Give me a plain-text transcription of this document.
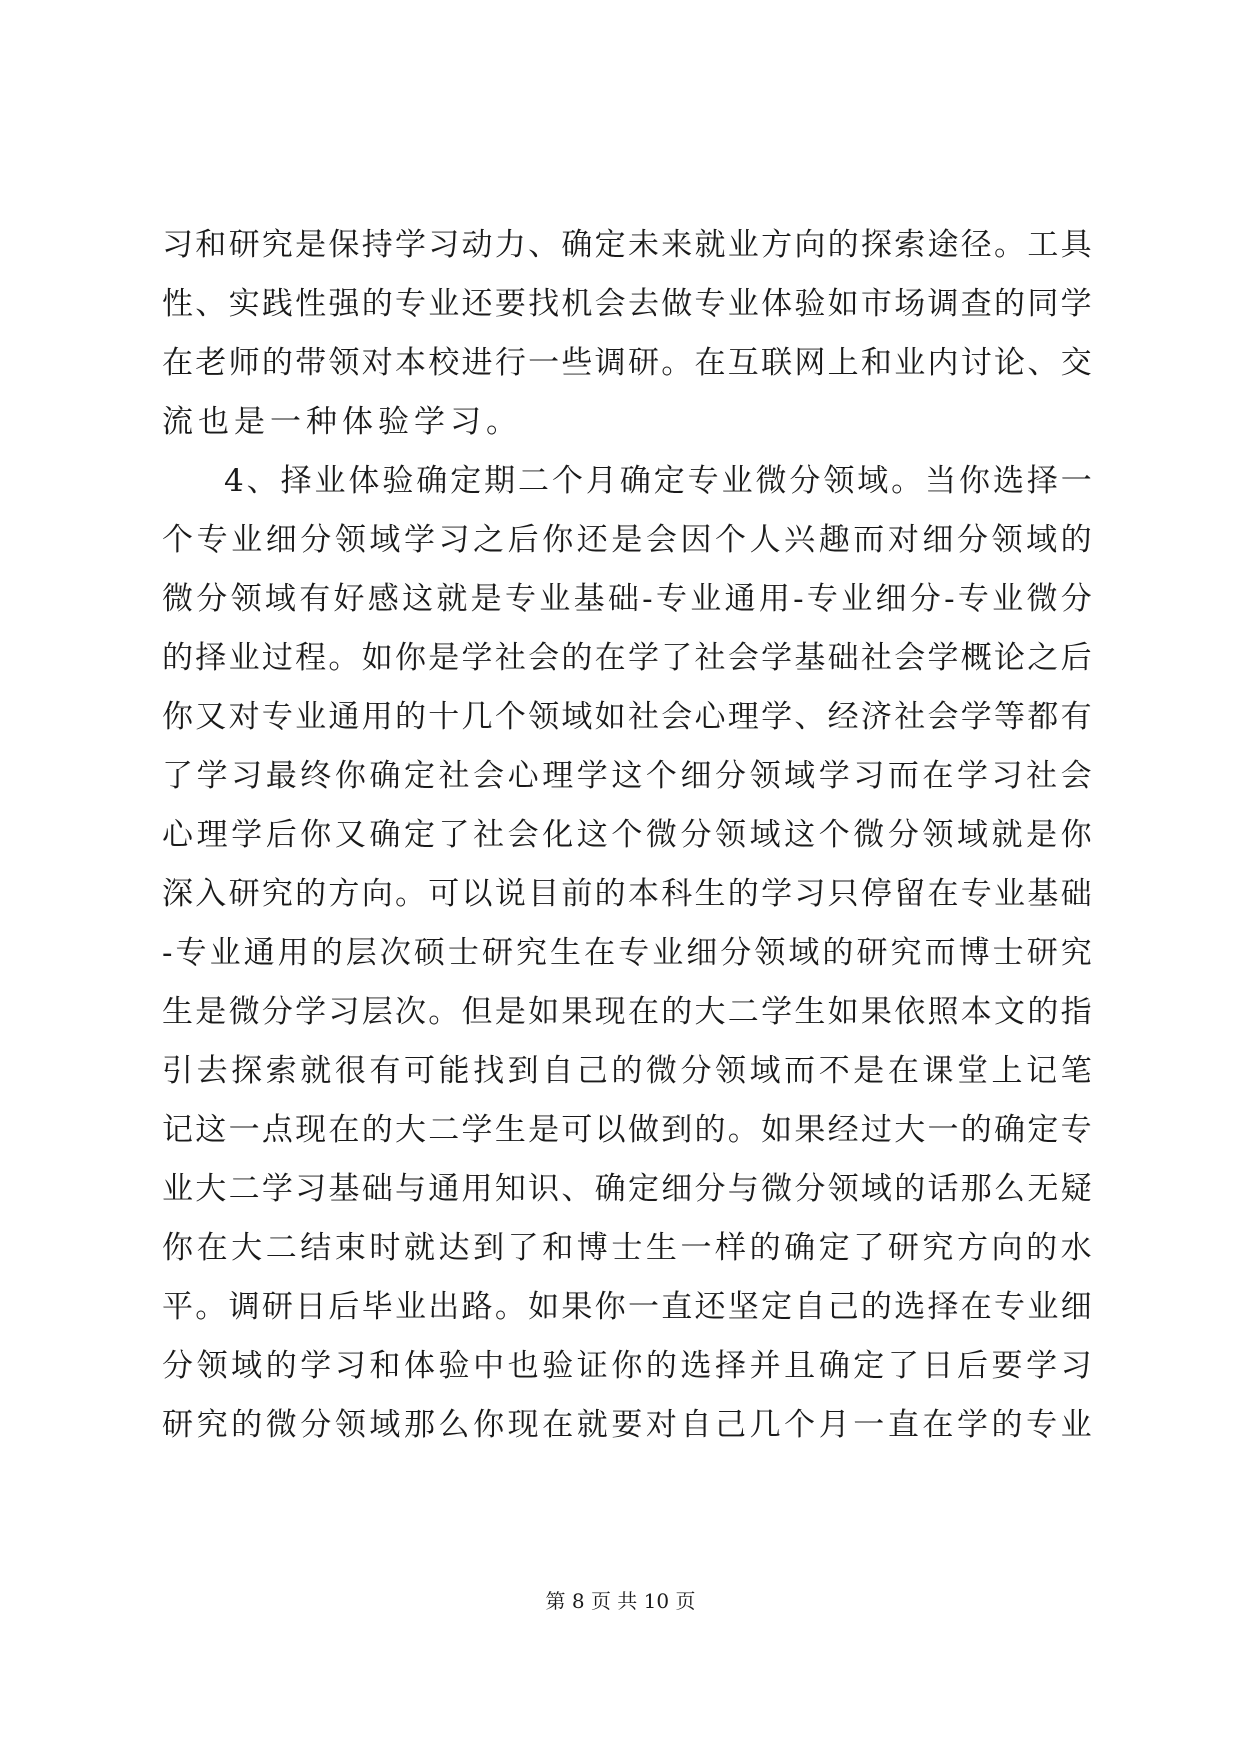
习 和 研 究 是 保 持 学 习 动 力 、 确 定 未 来 就 业 方 向 的 探 索 途 径 。 工 具
性 、 实 践 性 强 的 专 业 还 要 找 机 会 去 做 专 业 体 验 如 市 场 调 查 的 同 学
在 老 师 的 带 领 对 本 校 进 行 一 些 调 研 。 在 互 联 网 上 和 业 内 讨 论 、 交
流也是一种体验学习。
4 、 择 业 体 验 确 定 期 二 个 月 确 定 专 业 微 分 领 域 。 当 你 选 择 一
个 专 业 细 分 领 域 学 习 之 后 你 还 是 会 因 个 人 兴 趣 而 对 细 分 领 域 的
微 分 领 域 有 好 感 这 就 是 专 业 基 础 - 专 业 通 用 - 专 业 细 分 - 专 业 微 分
的 择 业 过 程 。 如 你 是 学 社 会 的 在 学 了 社 会 学 基 础 社 会 学 概 论 之 后
你 又 对 专 业 通 用 的 十 几 个 领 域 如 社 会 心 理 学 、 经 济 社 会 学 等 都 有
了 学 习 最 终 你 确 定 社 会 心 理 学 这 个 细 分 领 域 学 习 而 在 学 习 社 会
心 理 学 后 你 又 确 定 了 社 会 化 这 个 微 分 领 域 这 个 微 分 领 域 就 是 你
深 入 研 究 的 方 向 。 可 以 说 目 前 的 本 科 生 的 学 习 只 停 留 在 专 业 基 础
- 专 业 通 用 的 层 次 硕 士 研 究 生 在 专 业 细 分 领 域 的 研 究 而 博 士 研 究
生 是 微 分 学 习 层 次 。 但 是 如 果 现 在 的 大 二 学 生 如 果 依 照 本 文 的 指
引 去 探 索 就 很 有 可 能 找 到 自 己 的 微 分 领 域 而 不 是 在 课 堂 上 记 笔
记 这 一 点 现 在 的 大 二 学 生 是 可 以 做 到 的 。 如 果 经 过 大 一 的 确 定 专
业 大 二 学 习 基 础 与 通 用 知 识 、 确 定 细 分 与 微 分 领 域 的 话 那 么 无 疑
你 在 大 二 结 束 时 就 达 到 了 和 博 士 生 一 样 的 确 定 了 研 究 方 向 的 水
平 。 调 研 日 后 毕 业 出 路 。 如 果 你 一 直 还 坚 定 自 己 的 选 择 在 专 业 细
分 领 域 的 学 习 和 体 验 中 也 验 证 你 的 选 择 并 且 确 定 了 日 后 要 学 习
研 究 的 微 分 领 域 那 么 你 现 在 就 要 对 自 己 几 个 月 一 直 在 学 的 专 业
第 8 页 共 10 页
